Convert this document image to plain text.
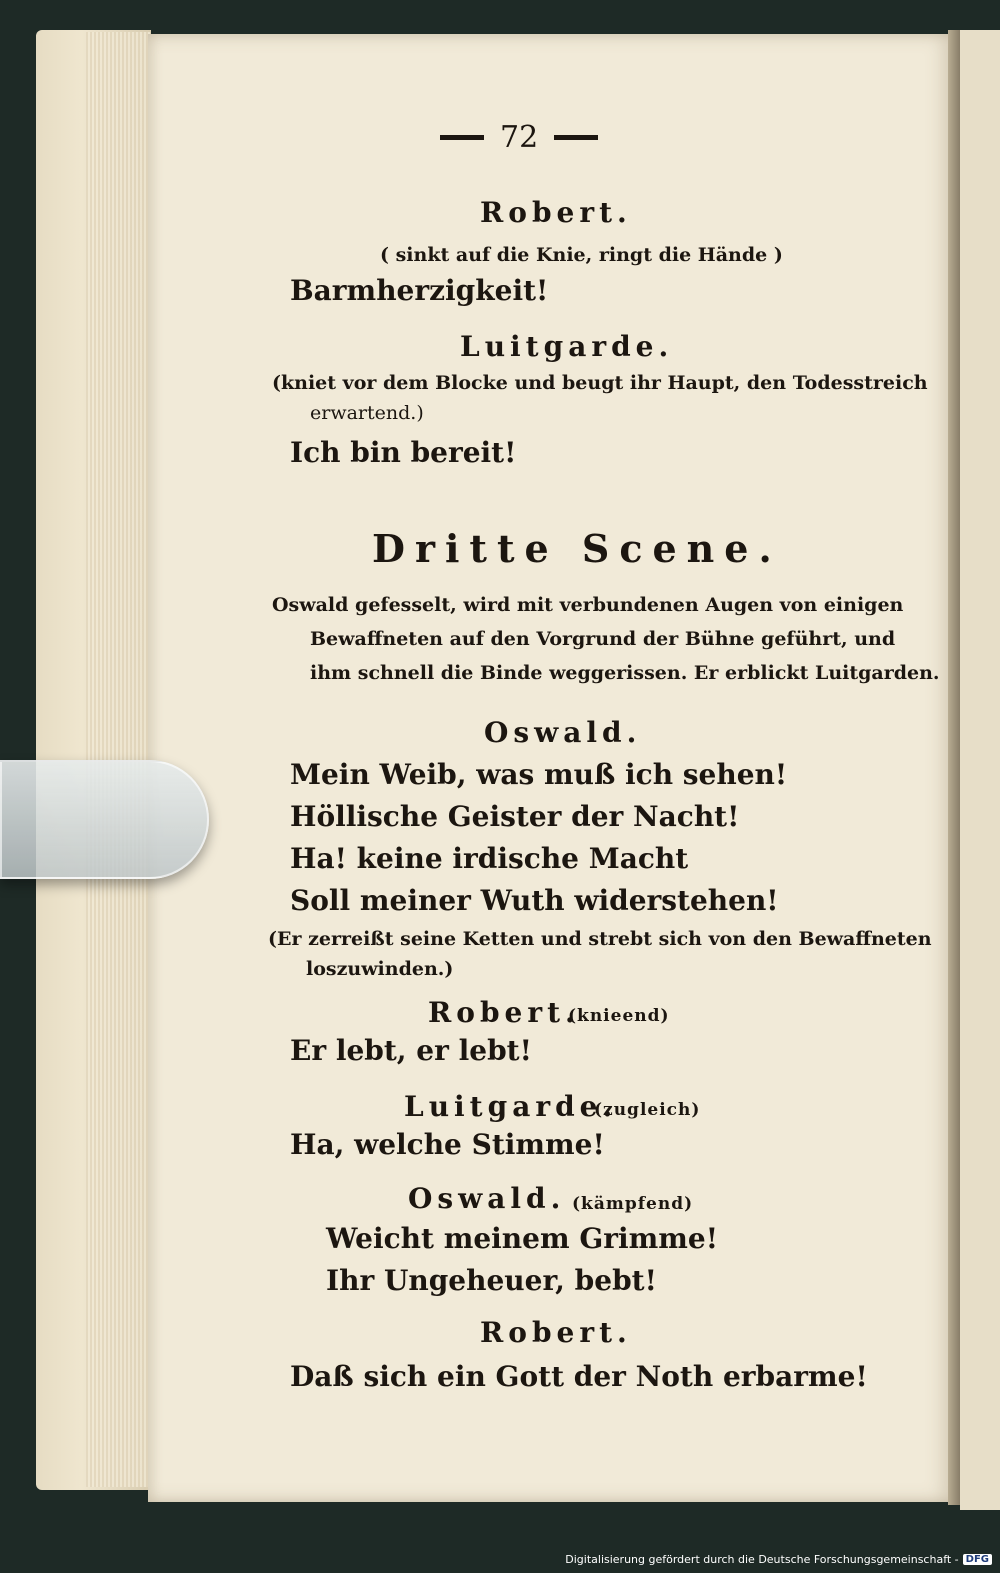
72
Robert.
( sinkt auf die Knie, ringt die Hände )
Barmherzigkeit!
Luitgarde.
(kniet vor dem Blocke und beugt ihr Haupt, den Todesstreich
erwartend.)
Ich bin bereit!
Dritte Scene.
Oswald gefesselt, wird mit verbundenen Augen von einigen
Bewaffneten auf den Vorgrund der Bühne geführt, und
ihm schnell die Binde weggerissen. Er erblickt Luitgarden.
Oswald.
Mein Weib, was muß ich sehen!
Höllische Geister der Nacht!
Ha! keine irdische Macht
Soll meiner Wuth widerstehen!
(Er zerreißt seine Ketten und strebt sich von den Bewaffneten
loszuwinden.)
Robert.
(knieend)
Er lebt, er lebt!
Luitgarde.
(zugleich)
Ha, welche Stimme!
Oswald. (kämpfend)
Weicht meinem Grimme!
Ihr Ungeheuer, bebt!
Robert.
Daß sich ein Gott der Noth erbarme!
Digitalisierung gefördert durch die Deutsche Forschungsgemeinschaft - DFG
